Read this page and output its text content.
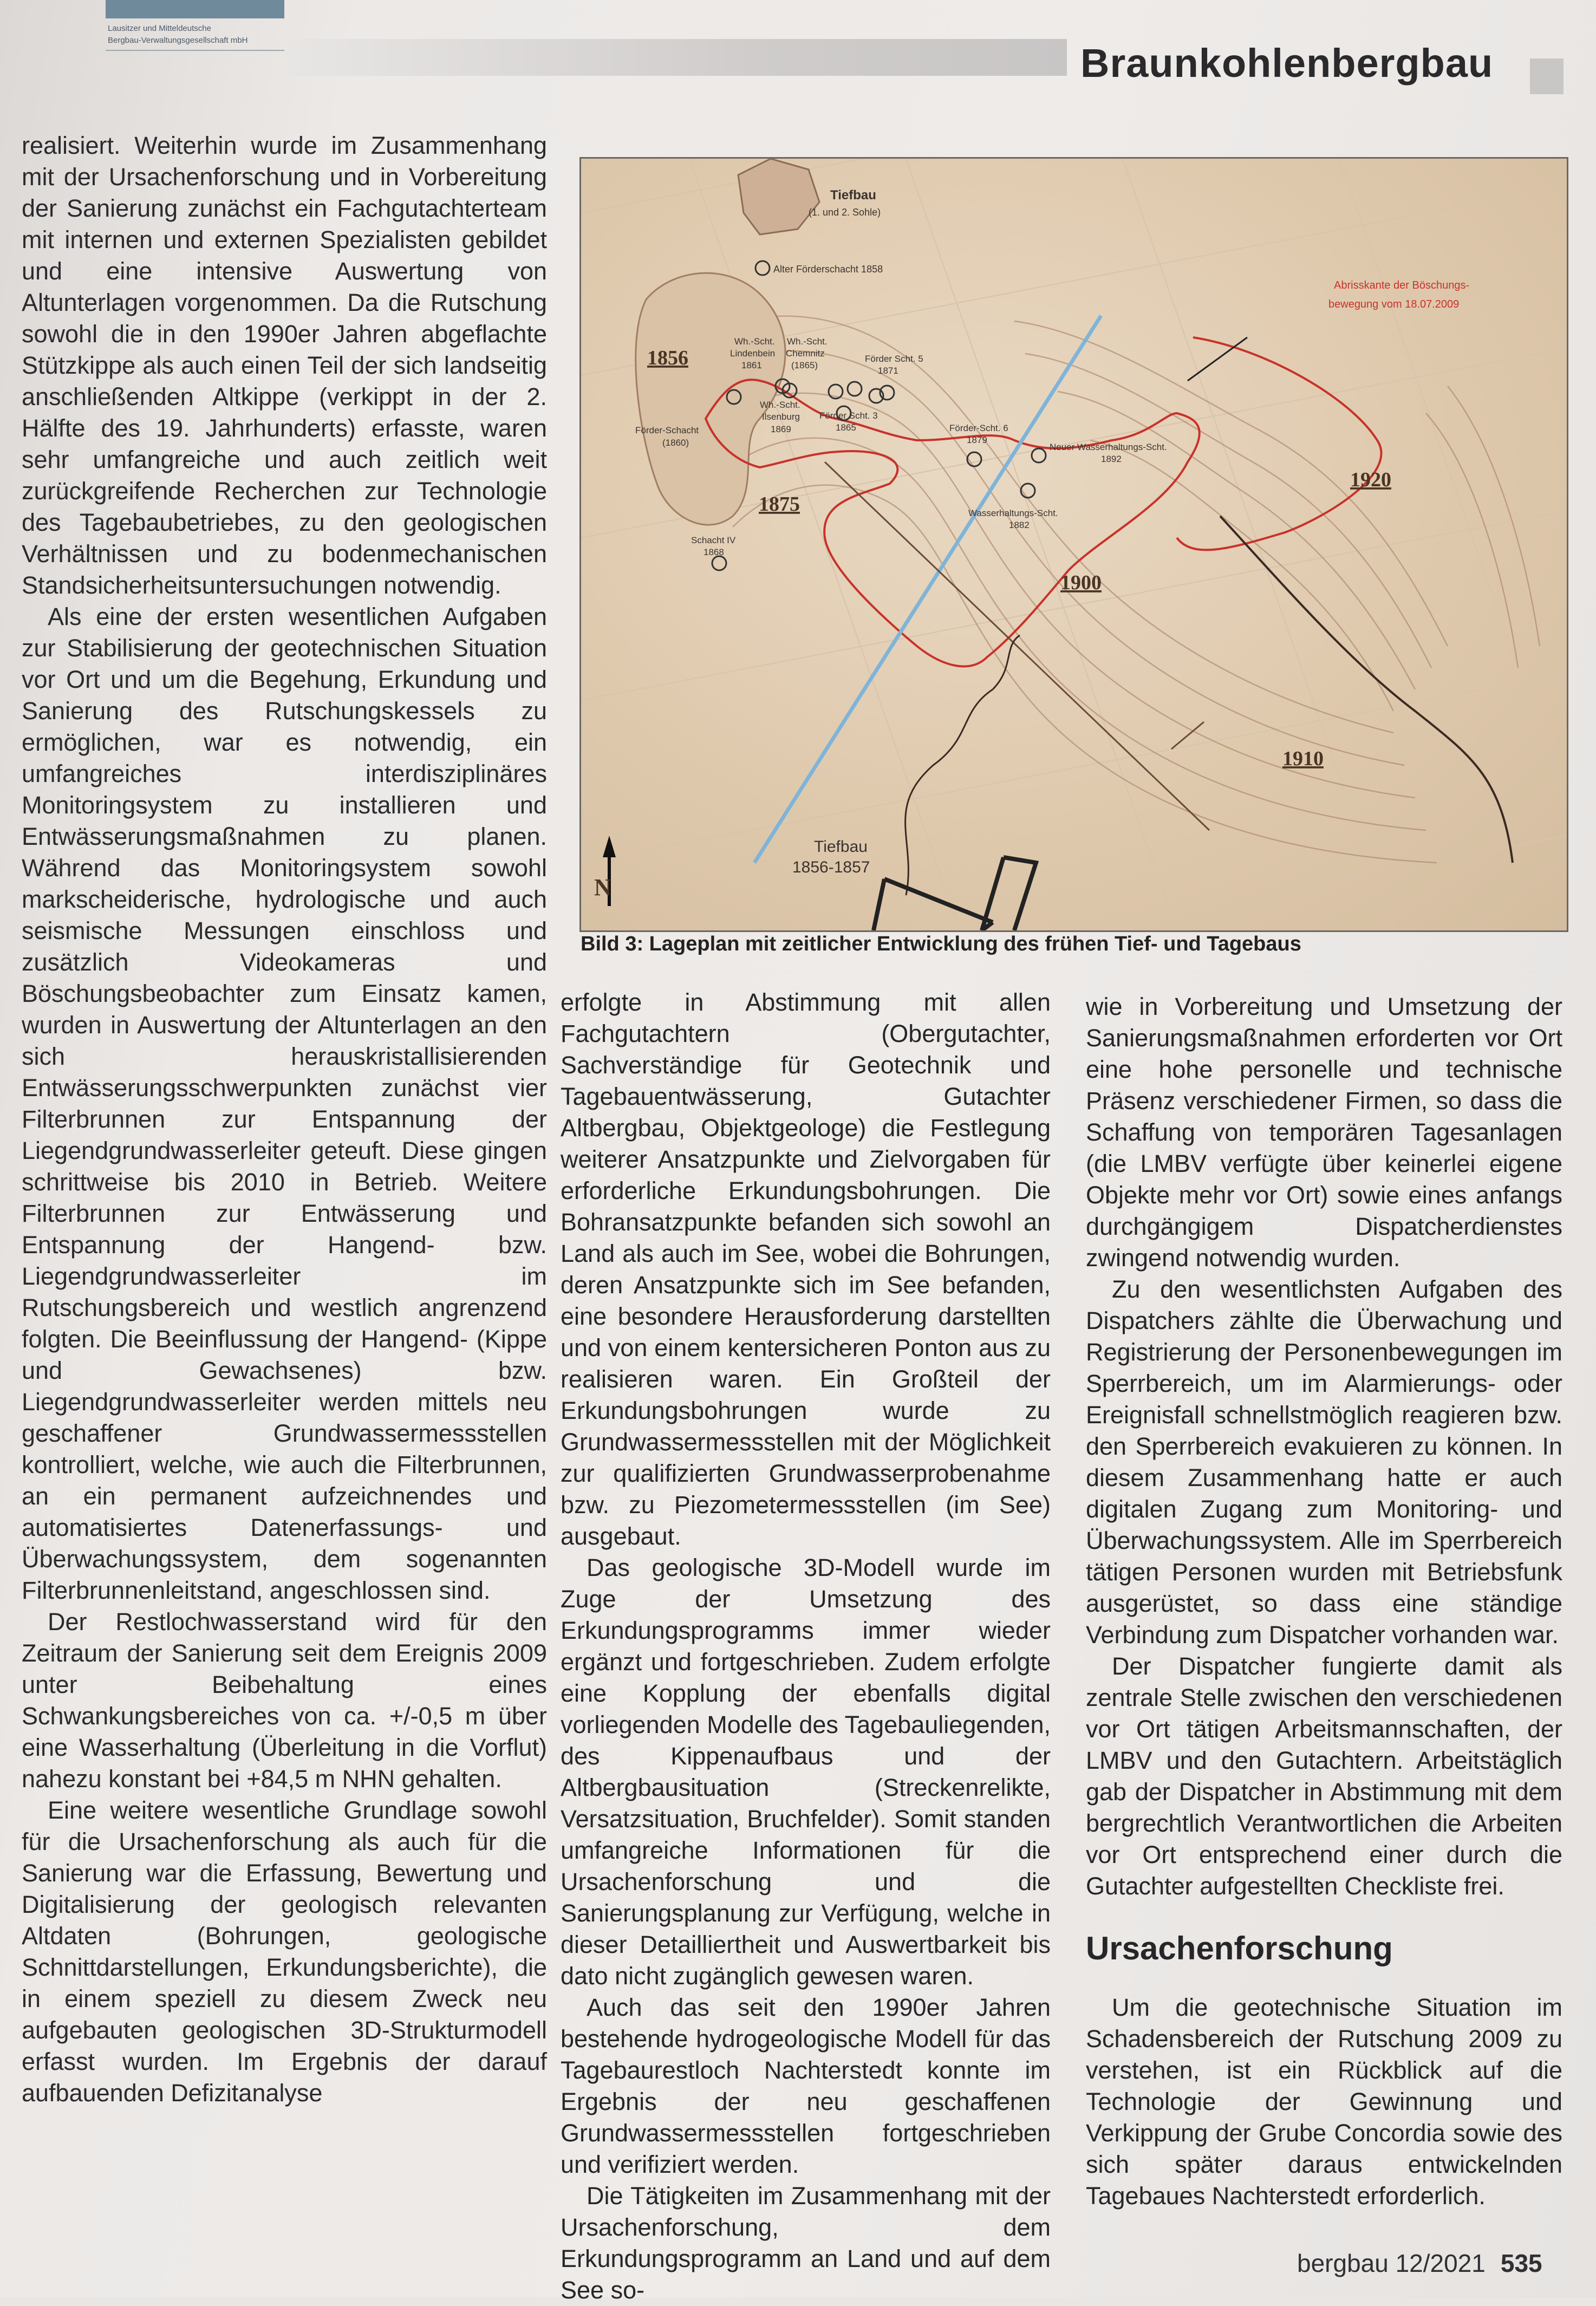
Lausitzer und Mitteldeutsche
Bergbau-Verwaltungsgesellschaft mbH
Braunkohlenbergbau

realisiert. Weiterhin wurde im Zusammenhang mit der Ursachenforschung und in Vorbereitung der Sanierung zunächst ein Fachgutachterteam mit internen und externen Spezialisten gebildet und eine intensive Auswertung von Altunterlagen vorgenommen. Da die Rutschung sowohl die in den 1990er Jahren abgeflachte Stützkippe als auch einen Teil der sich landseitig anschließenden Altkippe (verkippt in der 2. Hälfte des 19. Jahrhunderts) erfasste, waren sehr umfangreiche und auch zeitlich weit zurückgreifende Recherchen zur Technologie des Tagebaubetriebes, zu den geologischen Verhältnissen und zu bodenmechanischen Standsicherheitsuntersuchungen notwendig.

Als eine der ersten wesentlichen Aufgaben zur Stabilisierung der geotechnischen Situation vor Ort und um die Begehung, Erkundung und Sanierung des Rutschungskessels zu ermöglichen, war es notwendig, ein umfangreiches interdisziplinäres Monitoringsystem zu installieren und Entwässerungsmaßnahmen zu planen. Während das Monitoringsystem sowohl markscheiderische, hydrologische und auch seismische Messungen einschloss und zusätzlich Videokameras und Böschungsbeobachter zum Einsatz kamen, wurden in Auswertung der Altunterlagen an den sich herauskristallisierenden Entwässerungsschwerpunkten zunächst vier Filterbrunnen zur Entspannung der Liegendgrundwasserleiter geteuft. Diese gingen schrittweise bis 2010 in Betrieb. Weitere Filterbrunnen zur Entwässerung und Entspannung der Hangend- bzw. Liegendgrundwasserleiter im Rutschungsbereich und westlich angrenzend folgten. Die Beeinflussung der Hangend- (Kippe und Gewachsenes) bzw. Liegendgrundwasserleiter werden mittels neu geschaffener Grundwassermessstellen kontrolliert, welche, wie auch die Filterbrunnen, an ein permanent aufzeichnendes und automatisiertes Datenerfassungs- und Überwachungssystem, dem sogenannten Filterbrunnenleitstand, angeschlossen sind.

Der Restlochwasserstand wird für den Zeitraum der Sanierung seit dem Ereignis 2009 unter Beibehaltung eines Schwankungsbereiches von ca. +/-0,5 m über eine Wasserhaltung (Überleitung in die Vorflut) nahezu konstant bei +84,5 m NHN gehalten.

Eine weitere wesentliche Grundlage sowohl für die Ursachenforschung als auch für die Sanierung war die Erfassung, Bewertung und Digitalisierung der geologisch relevanten Altdaten (Bohrungen, geologische Schnittdarstellungen, Erkundungsberichte), die in einem speziell zu diesem Zweck neu aufgebauten geologischen 3D-Strukturmodell erfasst wurden. Im Ergebnis der darauf aufbauenden Defizitanalyse

N
Tiefbau
(1. und 2. Sohle)
Alter Förderschacht 1858
Abrisskante der Böschungs-
bewegung vom 18.07.2009
1856
1875
1900
1910
1920
Wh.-Scht.
Lindenbein
1861
Wh.-Scht.
Chemnitz
(1865)
Förder Scht. 5
1871
Förder-Schacht
(1860)
Wh.-Scht.
Ilsenburg
1869
Förder Scht. 3
1865	Förder-Scht. 6
1879
Neuer Wasserhaltungs-Scht.
1892
Wasserhaltungs-Scht.
1882
Schacht IV
1868
Tiefbau
1856-1857
Bild 3: Lageplan mit zeitlicher Entwicklung des frühen Tief- und Tagebaus

erfolgte in Abstimmung mit allen Fachgutachtern (Obergutachter, Sachverständige für Geotechnik und Tagebauentwässerung, Gutachter Altbergbau, Objektgeologe) die Festlegung weiterer Ansatzpunkte und Zielvorgaben für erforderliche Erkundungsbohrungen. Die Bohransatzpunkte befanden sich sowohl an Land als auch im See, wobei die Bohrungen, deren Ansatzpunkte sich im See befanden, eine besondere Herausforderung darstellten und von einem kentersicheren Ponton aus zu realisieren waren. Ein Großteil der Erkundungsbohrungen wurde zu Grundwassermessstellen mit der Möglichkeit zur qualifizierten Grundwasserprobenahme bzw. zu Piezometermessstellen (im See) ausgebaut.

Das geologische 3D-Modell wurde im Zuge der Umsetzung des Erkundungsprogramms immer wieder ergänzt und fortgeschrieben. Zudem erfolgte eine Kopplung der ebenfalls digital vorliegenden Modelle des Tagebauliegenden, des Kippenaufbaus und der Altbergbausituation (Streckenrelikte, Versatzsituation, Bruchfelder). Somit standen umfangreiche Informationen für die Ursachenforschung und die Sanierungsplanung zur Verfügung, welche in dieser Detailliertheit und Auswertbarkeit bis dato nicht zugänglich gewesen waren.

Auch das seit den 1990er Jahren bestehende hydrogeologische Modell für das Tagebaurestloch Nachterstedt konnte im Ergebnis der neu geschaffenen Grundwassermessstellen fortgeschrieben und verifiziert werden.

Die Tätigkeiten im Zusammenhang mit der Ursachenforschung, dem Erkundungsprogramm an Land und auf dem See so-

wie in Vorbereitung und Umsetzung der Sanierungsmaßnahmen erforderten vor Ort eine hohe personelle und technische Präsenz verschiedener Firmen, so dass die Schaffung von temporären Tagesanlagen (die LMBV verfügte über keinerlei eigene Objekte mehr vor Ort) sowie eines anfangs durchgängigem Dispatcherdienstes zwingend notwendig wurden.

Zu den wesentlichsten Aufgaben des Dispatchers zählte die Überwachung und Registrierung der Personenbewegungen im Sperrbereich, um im Alarmierungs- oder Ereignisfall schnellstmöglich reagieren bzw. den Sperrbereich evakuieren zu können. In diesem Zusammenhang hatte er auch digitalen Zugang zum Monitoring- und Überwachungssystem. Alle im Sperrbereich tätigen Personen wurden mit Betriebsfunk ausgerüstet, so dass eine ständige Verbindung zum Dispatcher vorhanden war.

Der Dispatcher fungierte damit als zentrale Stelle zwischen den verschiedenen vor Ort tätigen Arbeitsmannschaften, der LMBV und den Gutachtern. Arbeitstäglich gab der Dispatcher in Abstimmung mit dem bergrechtlich Verantwortlichen die Arbeiten vor Ort entsprechend einer durch die Gutachter aufgestellten Checkliste frei.

Ursachenforschung

Um die geotechnische Situation im Schadensbereich der Rutschung 2009 zu verstehen, ist ein Rückblick auf die Technologie der Gewinnung und Verkippung der Grube Concordia sowie des sich später daraus entwickelnden Tagebaues Nachterstedt erforderlich.

bergbau 12/2021 535
